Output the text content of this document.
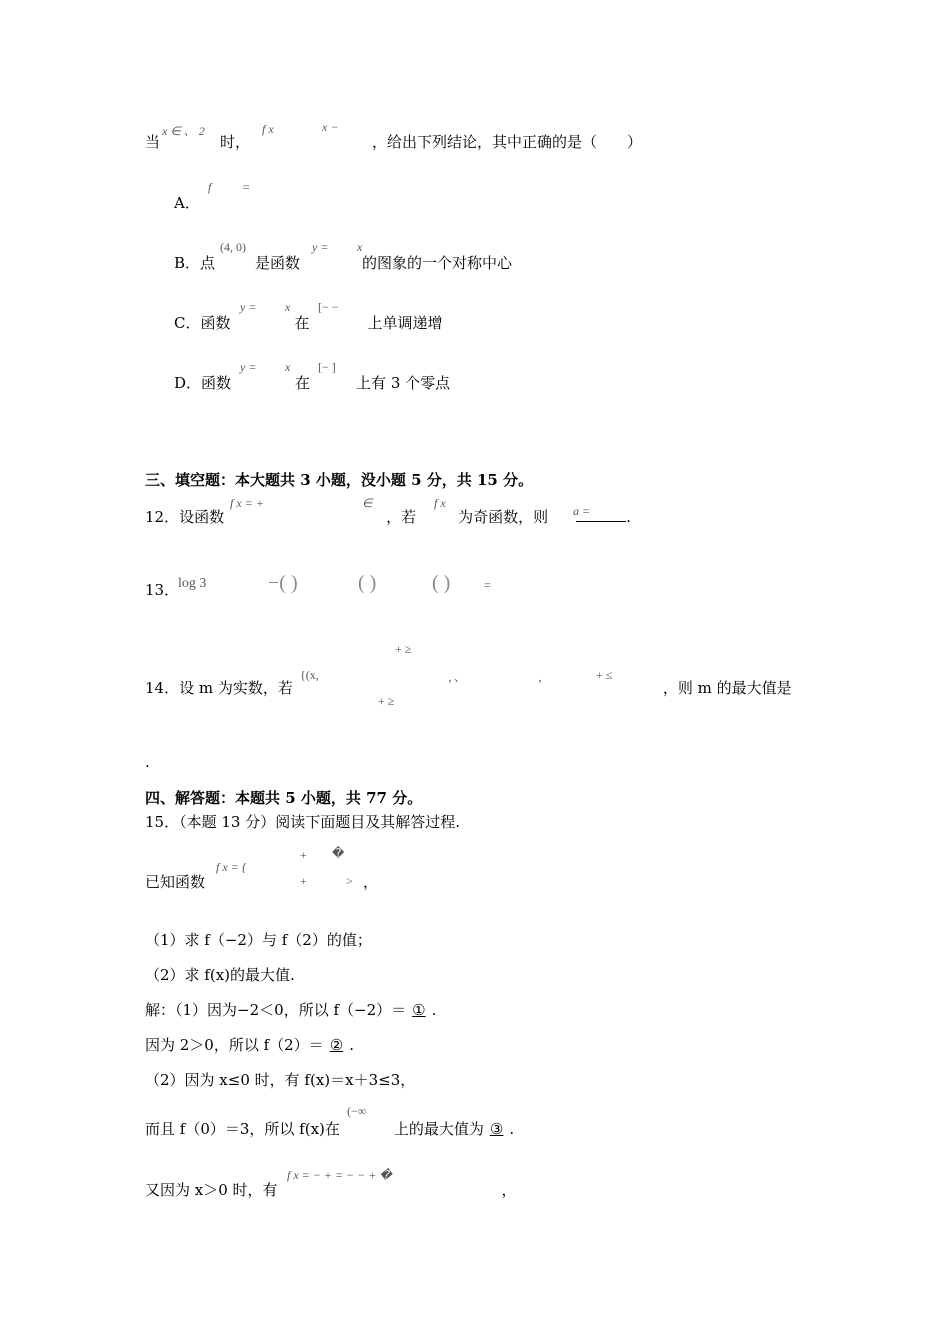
当	时，	，给出下列结论，其中正确的是（　　）
x ∈ 、 2	f x	x −
A．
f	=
B．点	是函数	的图象的一个对称中心
(4, 0)	y = x
C．函数	在	上单调递增
y = x [− −
D．函数	在	上有 3 个零点
y = x [− ]
三、填空题：本大题共 3 小题，没小题 5 分，共 15 分。
12．设函数	，若	为奇函数，则	.
f x = +	∈	f x
a =
13．
log 3	−( )	( )	( )	=
14．设 m 为实数，若	，则 m 的最大值是
+ ≥
{(x,	，、	，	+ ≤
+ ≥
.
四、解答题：本题共 5 小题，共 77 分。
15．（本题 13 分）阅读下面题目及其解答过程.
已知函数	，
f x = {
+ �
+	>
（1）求 f（−2）与 f（2）的值；
（2）求 f(x)的最大值.
解：（1）因为−2＜0，所以 f（−2）＝ ① .
因为 2＞0，所以 f（2）＝ ② .
（2）因为 x≤0 时，有 f(x)＝x＋3≤3，
而且 f（0）＝3，所以 f(x)在	上的最大值为 ③ .
(−∞
又因为 x＞0 时，有	，
f x = − + = − − + �
